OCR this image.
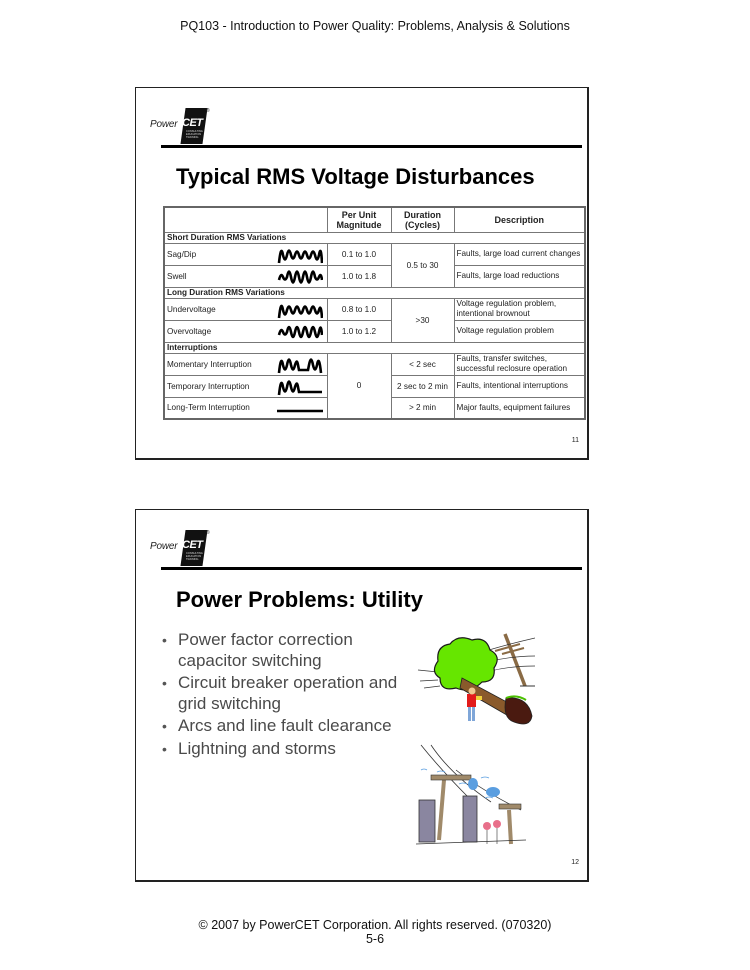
PQ103 - Introduction to Power Quality: Problems, Analysis & Solutions
Power CET
CONSULTING EDUCATION TRAINING
®
Typical RMS Voltage Disturbances
	Per Unit Magnitude	Duration (Cycles)	Description
Short Duration RMS Variations			
Sag/Dip	0.1 to 1.0	0.5 to 30	Faults, large load current changes
Swell	1.0 to 1.8		Faults, large load reductions
Long Duration RMS Variations			
Undervoltage	0.8 to 1.0	>30	Voltage regulation problem, intentional brownout
Overvoltage	1.0 to 1.2		Voltage regulation problem
Interruptions			
Momentary Interruption	0	< 2 sec	Faults, transfer switches, successful reclosure operation
Temporary Interruption		2 sec to 2 min	Faults, intentional interruptions
Long-Term Interruption		> 2 min	Major faults, equipment failures
11
Power CET
CONSULTING EDUCATION TRAINING
®
Power Problems: Utility
• Power factor correction capacitor switching
• Circuit breaker operation and grid switching
• Arcs and line fault clearance
• Lightning and storms
12
© 2007 by PowerCET Corporation. All rights reserved. (070320)
5-6
